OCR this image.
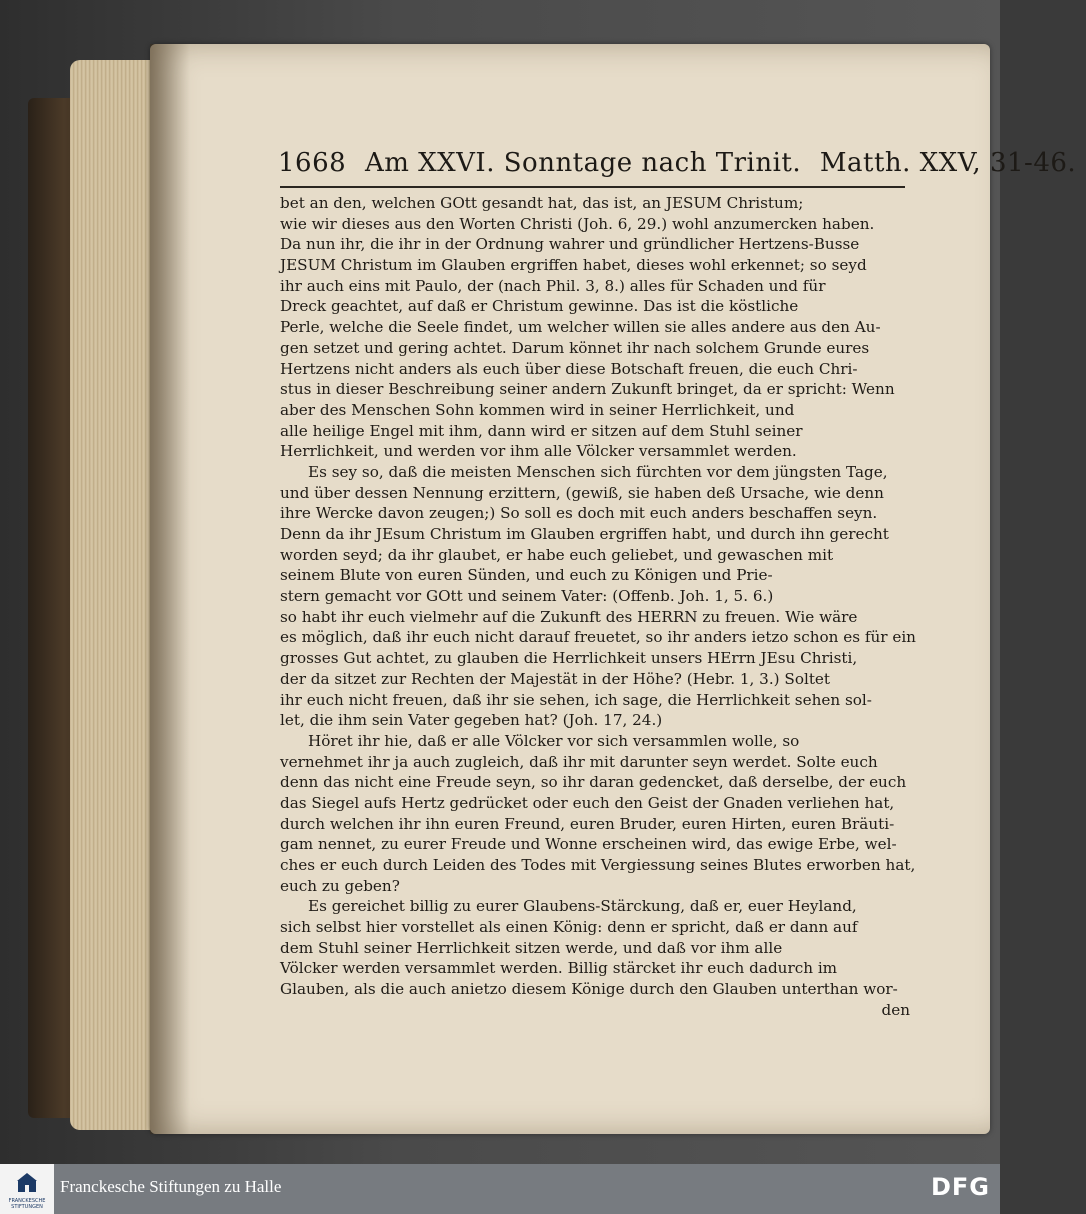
1668 Am XXVI. Sonntage nach Trinit. Matth. XXV, 31-46.
bet an den, welchen GOtt gesandt hat, das ist, an JESUM Christum;
wie wir dieses aus den Worten Christi (Joh. 6, 29.) wohl anzumercken haben.
Da nun ihr, die ihr in der Ordnung wahrer und gründlicher Hertzens-Busse
JESUM Christum im Glauben ergriffen habet, dieses wohl erkennet; so seyd
ihr auch eins mit Paulo, der (nach Phil. 3, 8.) alles für Schaden und für
Dreck geachtet, auf daß er Christum gewinne. Das ist die köstliche
Perle, welche die Seele findet, um welcher willen sie alles andere aus den Au-
gen setzet und gering achtet. Darum könnet ihr nach solchem Grunde eures
Hertzens nicht anders als euch über diese Botschaft freuen, die euch Chri-
stus in dieser Beschreibung seiner andern Zukunft bringet, da er spricht: Wenn
aber des Menschen Sohn kommen wird in seiner Herrlichkeit, und
alle heilige Engel mit ihm, dann wird er sitzen auf dem Stuhl seiner
Herrlichkeit, und werden vor ihm alle Völcker versammlet werden.
Es sey so, daß die meisten Menschen sich fürchten vor dem jüngsten Tage,
und über dessen Nennung erzittern, (gewiß, sie haben deß Ursache, wie denn
ihre Wercke davon zeugen;) So soll es doch mit euch anders beschaffen seyn.
Denn da ihr JEsum Christum im Glauben ergriffen habt, und durch ihn gerecht
worden seyd; da ihr glaubet, er habe euch geliebet, und gewaschen mit
seinem Blute von euren Sünden, und euch zu Königen und Prie-
stern gemacht vor GOtt und seinem Vater: (Offenb. Joh. 1, 5. 6.)
so habt ihr euch vielmehr auf die Zukunft des HERRN zu freuen. Wie wäre
es möglich, daß ihr euch nicht darauf freuetet, so ihr anders ietzo schon es für ein
grosses Gut achtet, zu glauben die Herrlichkeit unsers HErrn JEsu Christi,
der da sitzet zur Rechten der Majestät in der Höhe? (Hebr. 1, 3.) Soltet
ihr euch nicht freuen, daß ihr sie sehen, ich sage, die Herrlichkeit sehen sol-
let, die ihm sein Vater gegeben hat? (Joh. 17, 24.)
Höret ihr hie, daß er alle Völcker vor sich versammlen wolle, so
vernehmet ihr ja auch zugleich, daß ihr mit darunter seyn werdet. Solte euch
denn das nicht eine Freude seyn, so ihr daran gedencket, daß derselbe, der euch
das Siegel aufs Hertz gedrücket oder euch den Geist der Gnaden verliehen hat,
durch welchen ihr ihn euren Freund, euren Bruder, euren Hirten, euren Bräuti-
gam nennet, zu eurer Freude und Wonne erscheinen wird, das ewige Erbe, wel-
ches er euch durch Leiden des Todes mit Vergiessung seines Blutes erworben hat,
euch zu geben?
Es gereichet billig zu eurer Glaubens-Stärckung, daß er, euer Heyland,
sich selbst hier vorstellet als einen König: denn er spricht, daß er dann auf
dem Stuhl seiner Herrlichkeit sitzen werde, und daß vor ihm alle
Völcker werden versammlet werden. Billig stärcket ihr euch dadurch im
Glauben, als die auch anietzo diesem Könige durch den Glauben unterthan wor-
den
FRANCKESCHE STIFTUNGEN
Franckesche Stiftungen zu Halle	DFG
